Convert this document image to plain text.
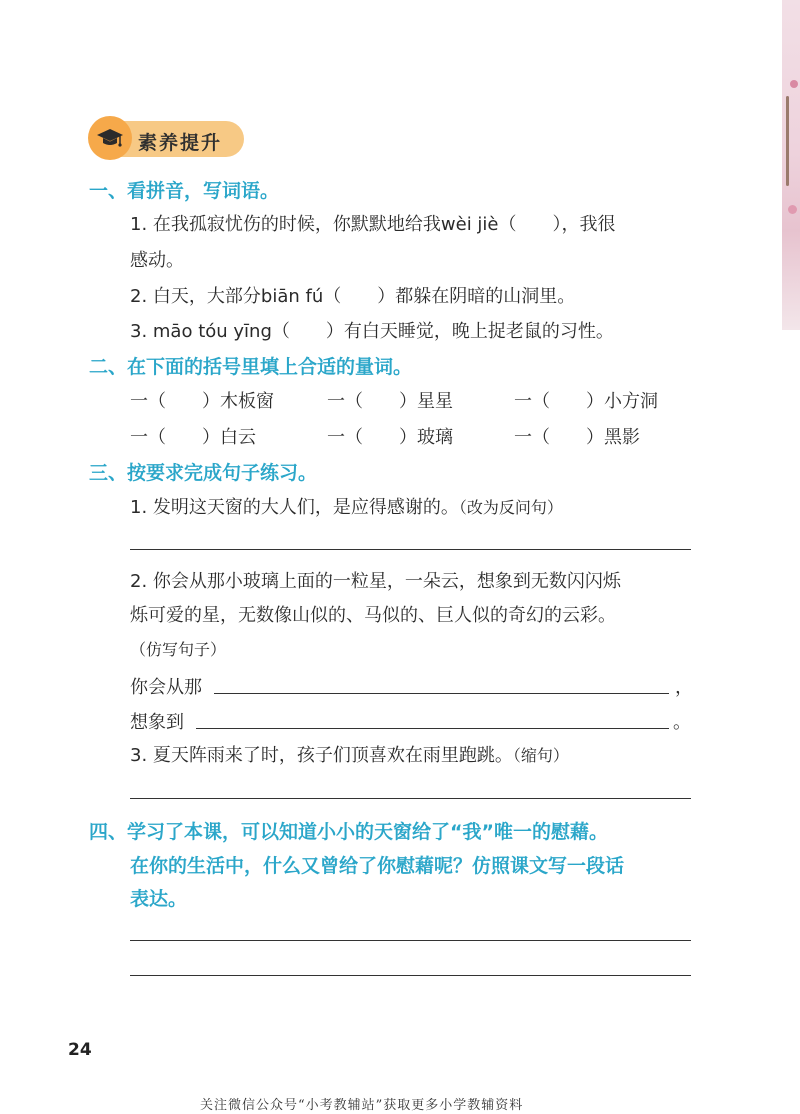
素养提升
一、看拼音，写词语。
1. 在我孤寂忧伤的时候，你默默地给我wèi jiè（　　），我很
感动。
2. 白天，大部分biān fú（　　）都躲在阴暗的山洞里。
3. māo tóu yīng（　　）有白天睡觉，晚上捉老鼠的习性。
二、在下面的括号里填上合适的量词。
一（　　）木板窗	一（　　）星星	一（　　）小方洞
一（　　）白云	一（　　）玻璃	一（　　）黑影
三、按要求完成句子练习。
1. 发明这天窗的大人们，是应得感谢的。（改为反问句）
2. 你会从那小玻璃上面的一粒星，一朵云，想象到无数闪闪烁
烁可爱的星，无数像山似的、马似的、巨人似的奇幻的云彩。
（仿写句子）
你会从那	，
想象到	。
3. 夏天阵雨来了时，孩子们顶喜欢在雨里跑跳。（缩句）
四、学习了本课，可以知道小小的天窗给了“我”唯一的慰藉。
在你的生活中，什么又曾给了你慰藉呢？仿照课文写一段话
表达。
24
关注微信公众号“小考教辅站”获取更多小学教辅资料
